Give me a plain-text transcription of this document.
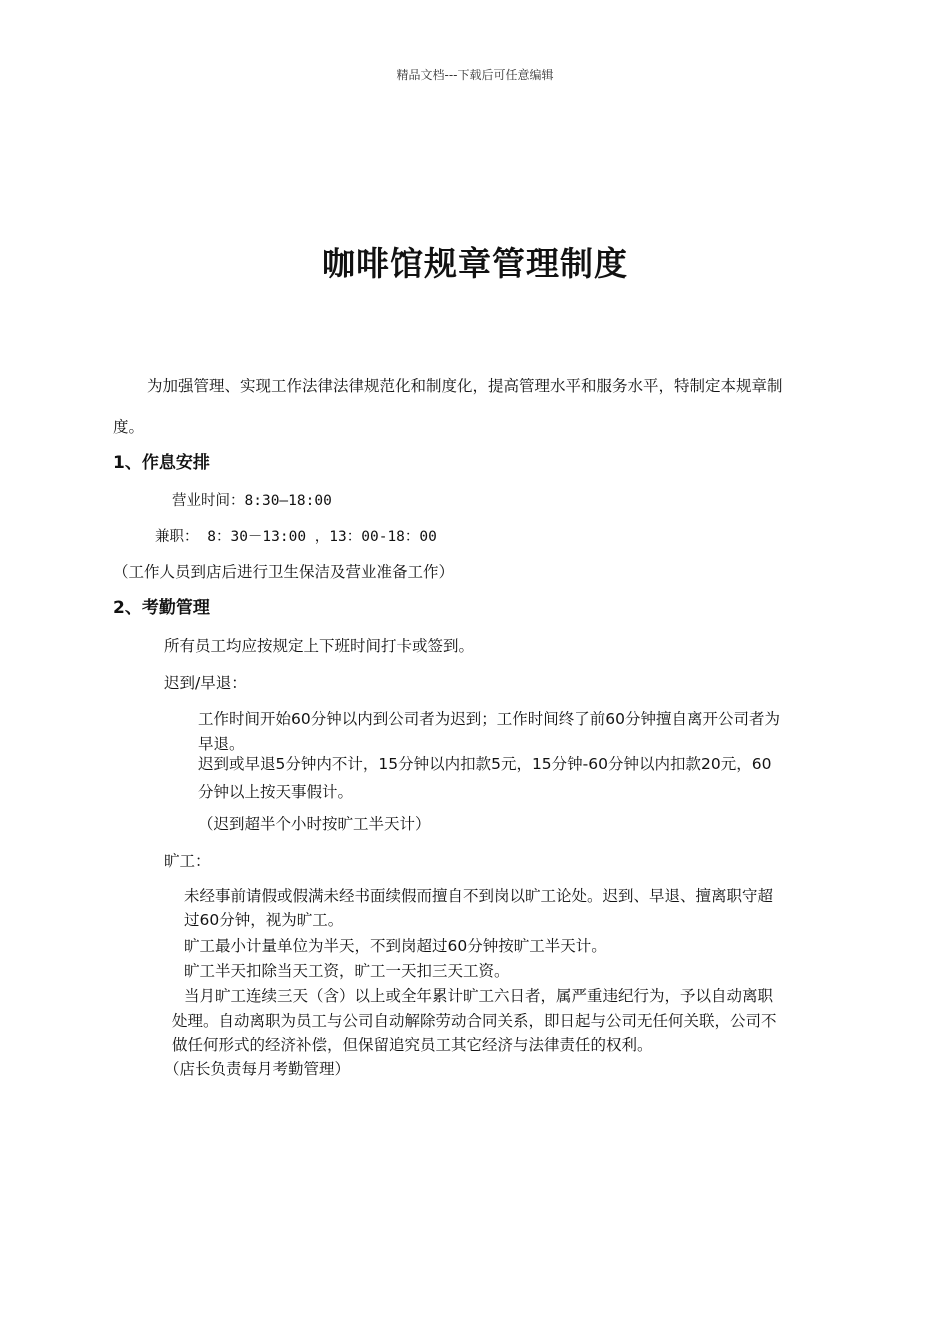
精品文档---下载后可任意编辑
咖啡馆规章管理制度
为加强管理、实现工作法律法律规范化和制度化，提高管理水平和服务水平，特制定本规章制
度。
1、作息安排
营业时间：8:30—18:00
兼职： 8：30－13:00 ，13：00-18：00
（工作人员到店后进行卫生保洁及营业准备工作）
2、考勤管理
所有员工均应按规定上下班时间打卡或签到。
迟到/早退：
工作时间开始60分钟以内到公司者为迟到；工作时间终了前60分钟擅自离开公司者为
早退。
迟到或早退5分钟内不计，15分钟以内扣款5元，15分钟-60分钟以内扣款20元，60
分钟以上按天事假计。
（迟到超半个小时按旷工半天计）
旷工：
未经事前请假或假满未经书面续假而擅自不到岗以旷工论处。迟到、早退、擅离职守超
过60分钟，视为旷工。
旷工最小计量单位为半天，不到岗超过60分钟按旷工半天计。
旷工半天扣除当天工资，旷工一天扣三天工资。
当月旷工连续三天（含）以上或全年累计旷工六日者，属严重违纪行为，予以自动离职
处理。自动离职为员工与公司自动解除劳动合同关系，即日起与公司无任何关联，公司不
做任何形式的经济补偿，但保留追究员工其它经济与法律责任的权利。
（店长负责每月考勤管理）
